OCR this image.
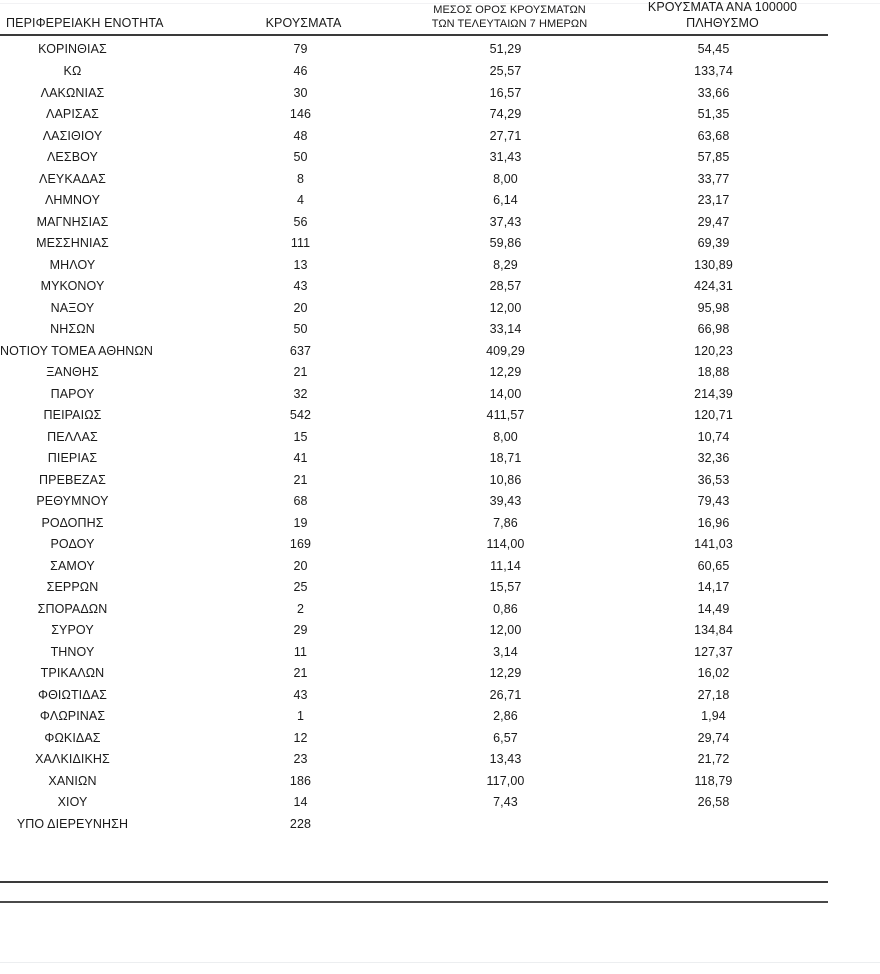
ΠΕΡΙΦΕΡΕΙΑΚΗ ΕΝΟΤΗΤΑ	ΚΡΟΥΣΜΑΤΑ	ΜΕΣΟΣ ΟΡΟΣ ΚΡΟΥΣΜΑΤΩΝ
ΤΩΝ ΤΕΛΕΥΤΑΙΩΝ 7 ΗΜΕΡΩΝ	ΚΡΟΥΣΜΑΤΑ ΑΝΑ 100000
ΠΛΗΘΥΣΜΟ

ΚΟΡΙΝΘΙΑΣ	79	51,29	54,45
ΚΩ	46	25,57	133,74
ΛΑΚΩΝΙΑΣ	30	16,57	33,66
ΛΑΡΙΣΑΣ	146	74,29	51,35
ΛΑΣΙΘΙΟΥ	48	27,71	63,68
ΛΕΣΒΟΥ	50	31,43	57,85
ΛΕΥΚΑΔΑΣ	8	8,00	33,77
ΛΗΜΝΟΥ	4	6,14	23,17
ΜΑΓΝΗΣΙΑΣ	56	37,43	29,47
ΜΕΣΣΗΝΙΑΣ	111	59,86	69,39
ΜΗΛΟΥ	13	8,29	130,89
ΜΥΚΟΝΟΥ	43	28,57	424,31
ΝΑΞΟΥ	20	12,00	95,98
ΝΗΣΩΝ	50	33,14	66,98
ΝΟΤΙΟΥ ΤΟΜΕΑ ΑΘΗΝΩΝ	637	409,29	120,23
ΞΑΝΘΗΣ	21	12,29	18,88
ΠΑΡΟΥ	32	14,00	214,39
ΠΕΙΡΑΙΩΣ	542	411,57	120,71
ΠΕΛΛΑΣ	15	8,00	10,74
ΠΙΕΡΙΑΣ	41	18,71	32,36
ΠΡΕΒΕΖΑΣ	21	10,86	36,53
ΡΕΘΥΜΝΟΥ	68	39,43	79,43
ΡΟΔΟΠΗΣ	19	7,86	16,96
ΡΟΔΟΥ	169	114,00	141,03
ΣΑΜΟΥ	20	11,14	60,65
ΣΕΡΡΩΝ	25	15,57	14,17
ΣΠΟΡΑΔΩΝ	2	0,86	14,49
ΣΥΡΟΥ	29	12,00	134,84
ΤΗΝΟΥ	11	3,14	127,37
ΤΡΙΚΑΛΩΝ	21	12,29	16,02
ΦΘΙΩΤΙΔΑΣ	43	26,71	27,18
ΦΛΩΡΙΝΑΣ	1	2,86	1,94
ΦΩΚΙΔΑΣ	12	6,57	29,74
ΧΑΛΚΙΔΙΚΗΣ	23	13,43	21,72
ΧΑΝΙΩΝ	186	117,00	118,79
ΧΙΟΥ	14	7,43	26,58
ΥΠΟ ΔΙΕΡΕΥΝΗΣΗ	228		
